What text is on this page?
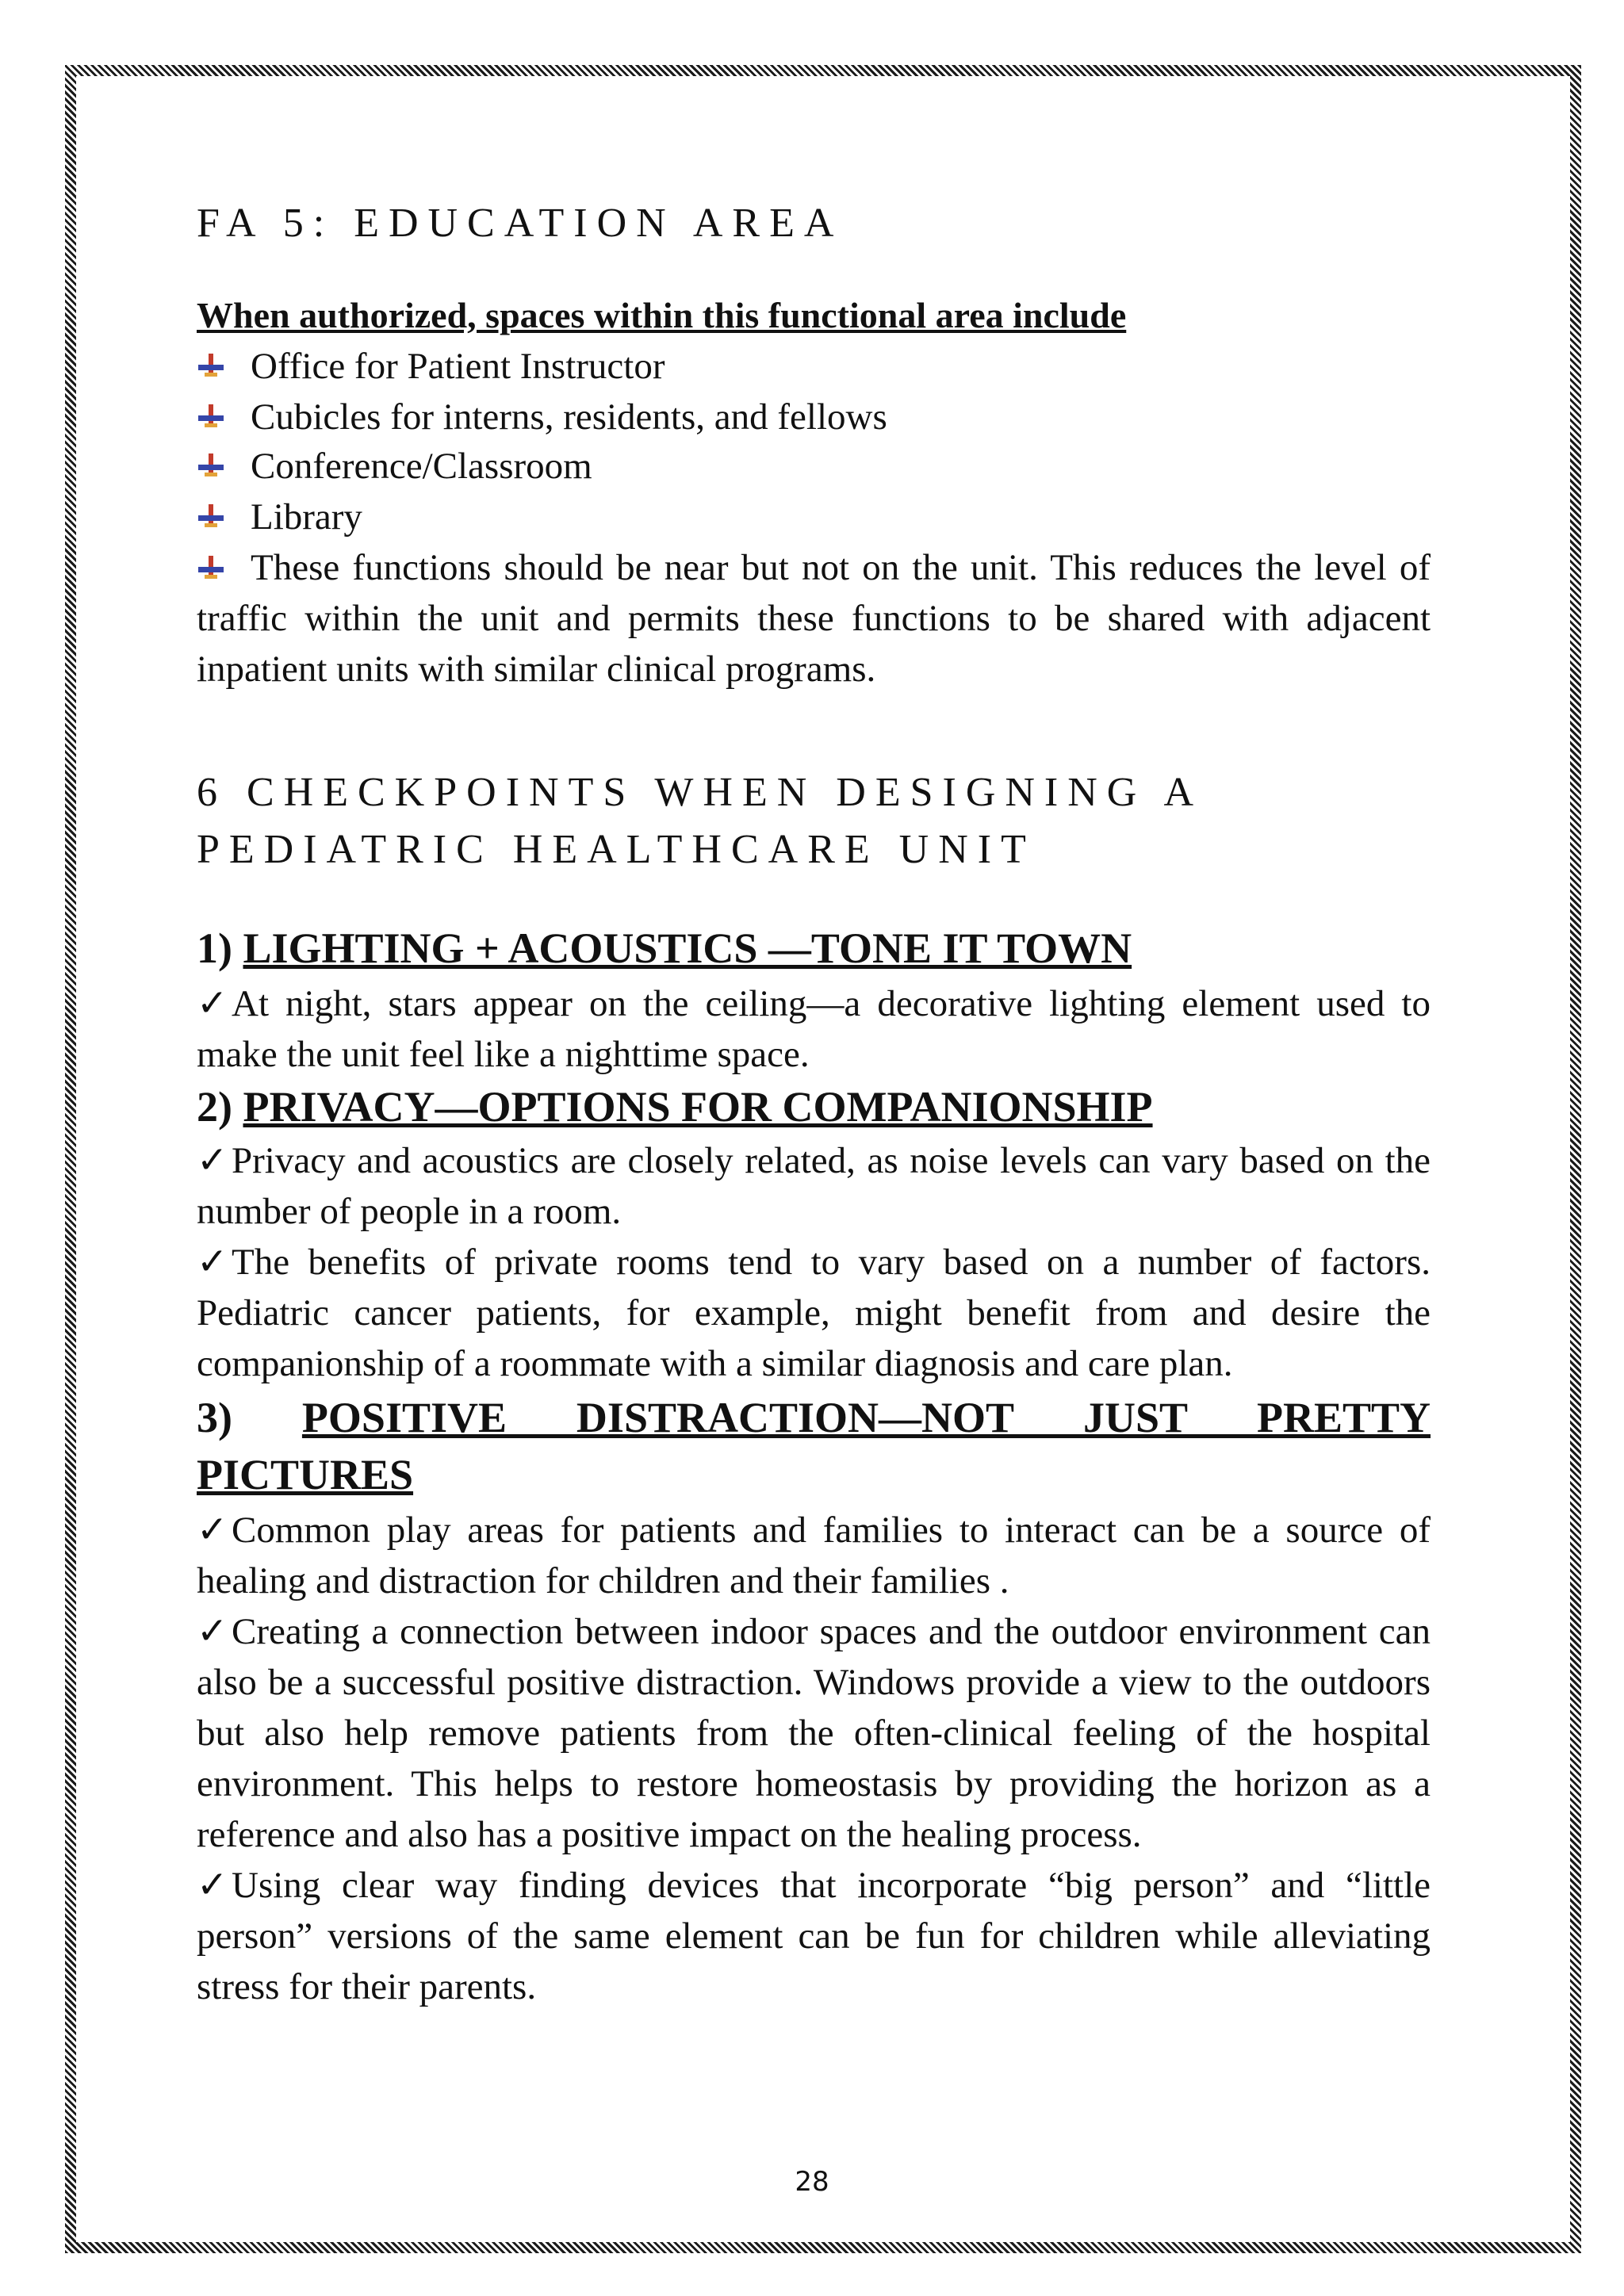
FA 5: EDUCATION AREA
When authorized, spaces within this functional area include
Office for Patient Instructor
Cubicles for interns, residents, and fellows
Conference/Classroom
Library
These functions should be near but not on the unit. This reduces the level of traffic within the unit and permits these functions to be shared with adjacent inpatient units with similar clinical programs.
6 CHECKPOINTS WHEN DESIGNING A
PEDIATRIC HEALTHCARE UNIT
1) LIGHTING + ACOUSTICS —TONE IT TOWN
✓At night, stars appear on the ceiling—a decorative lighting element used to make the unit feel like a nighttime space.
2) PRIVACY—OPTIONS FOR COMPANIONSHIP
✓Privacy and acoustics are closely related, as noise levels can vary based on the number of people in a room.
✓The benefits of private rooms tend to vary based on a number of factors. Pediatric cancer patients, for example, might benefit from and desire the companionship of a roommate with a similar diagnosis and care plan.
3) POSITIVE DISTRACTION—NOT JUST PRETTY
PICTURES
✓Common play areas for patients and families to interact can be a source of healing and distraction for children and their families .
✓Creating a connection between indoor spaces and the outdoor environment can also be a successful positive distraction. Windows provide a view to the outdoors but also help remove patients from the often-clinical feeling of the hospital environment. This helps to restore homeostasis by providing the horizon as a reference and also has a positive impact on the healing process.
✓Using clear way finding devices that incorporate “big person” and “little person” versions of the same element can be fun for children while alleviating stress for their parents.
28
